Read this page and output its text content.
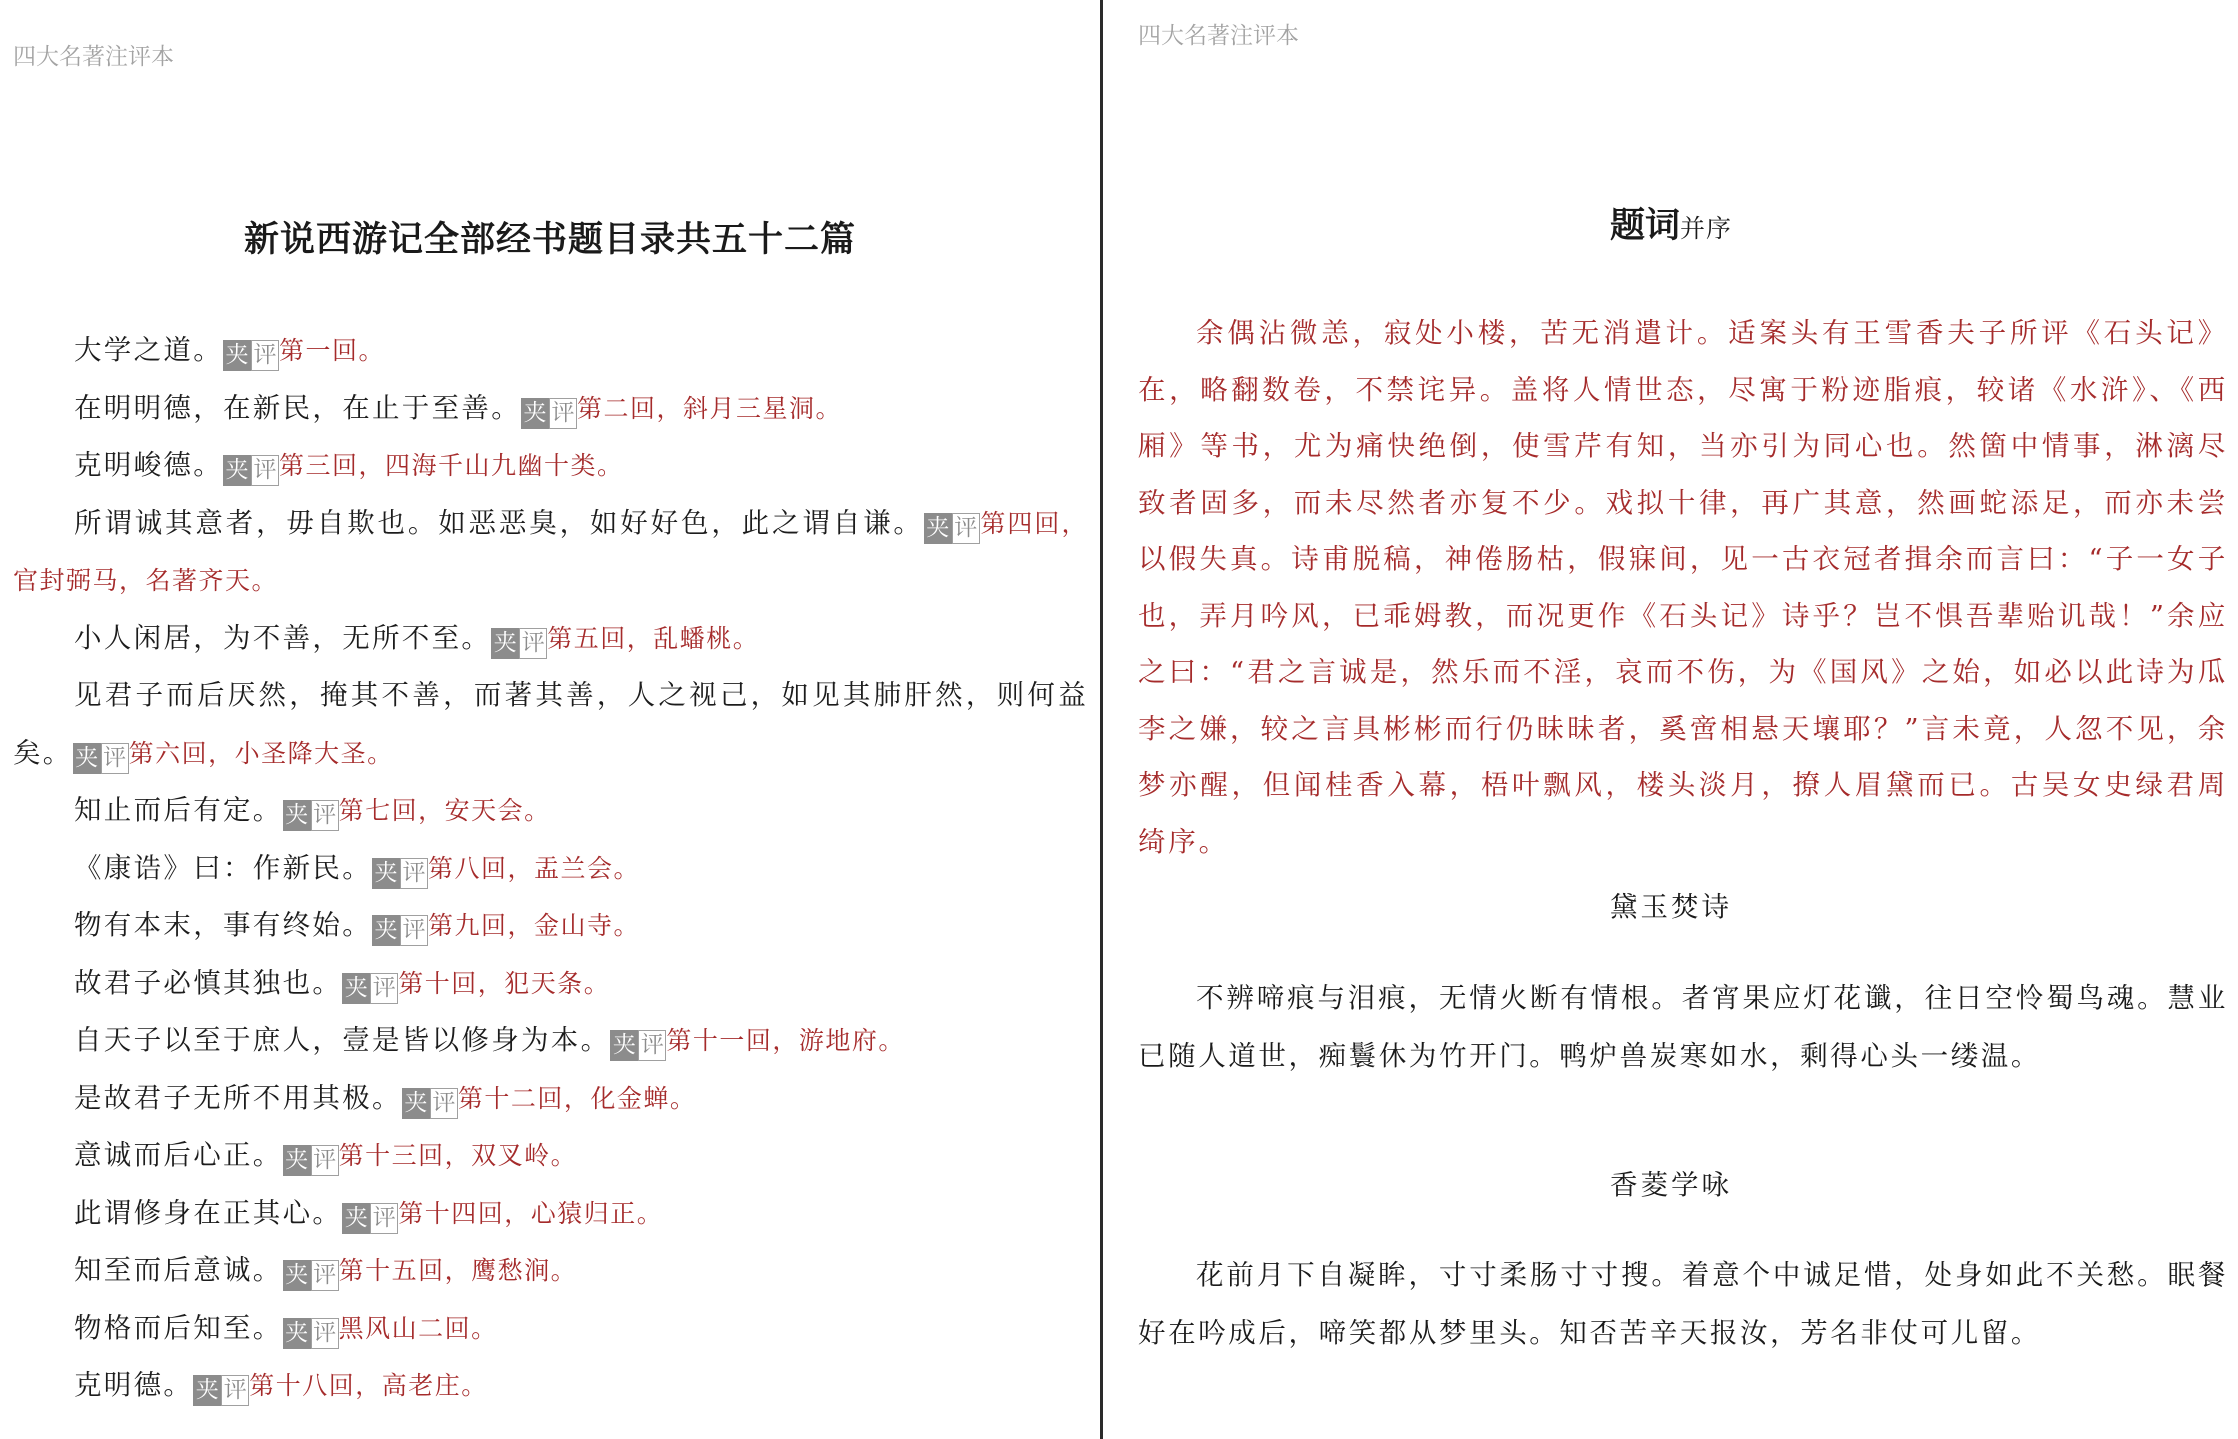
四大名著注评本
新说西游记全部经书题目录共五十二篇

大学之道。 夹 评 第一回。

在明明德，在新民，在止于至善。 夹 评 第二回，斜月三星洞。

克明峻德。 夹 评 第三回，四海千山九幽十类。

所谓诚其意者，毋自欺也。如恶恶臭，如好好色，此之谓自谦。 夹 评 第四回，官封弼马，名著齐天。

小人闲居，为不善，无所不至。 夹 评 第五回，乱蟠桃。

见君子而后厌然，掩其不善，而著其善，人之视己，如见其肺肝然，则何益矣。 夹 评 第六回，小圣降大圣。

知止而后有定。 夹 评 第七回，安天会。

《康诰》曰：作新民。 夹 评 第八回，盂兰会。

物有本末，事有终始。 夹 评 第九回，金山寺。

故君子必慎其独也。 夹 评 第十回，犯天条。

自天子以至于庶人，壹是皆以修身为本。 夹 评 第十一回，游地府。

是故君子无所不用其极。 夹 评 第十二回，化金蝉。

意诚而后心正。 夹 评 第十三回，双叉岭。

此谓修身在正其心。 夹 评 第十四回，心猿归正。

知至而后意诚。 夹 评 第十五回，鹰愁涧。

物格而后知至。 夹 评 黑风山二回。

克明德。 夹 评 第十八回，高老庄。

四大名著注评本
题词并序

余偶沾微恙，寂处小楼，苦无消遣计。适案头有王雪香夫子所评《石头记》在，略翻数卷，不禁诧异。盖将人情世态，尽寓于粉迹脂痕，较诸《水浒》、《西厢》等书，尤为痛快绝倒，使雪芹有知，当亦引为同心也。然箇中情事，淋漓尽致者固多，而未尽然者亦复不少。戏拟十律，再广其意，然画蛇添足，而亦未尝以假失真。诗甫脱稿，神倦肠枯，假寐间，见一古衣冠者揖余而言曰：“子一女子也，弄月吟风，已乖姆教，而况更作《石头记》诗乎？岂不惧吾辈贻讥哉！”余应之曰：“君之言诚是，然乐而不淫，哀而不伤，为《国风》之始，如必以此诗为瓜李之嫌，较之言具彬彬而行仍昧昧者，奚啻相悬天壤耶？”言未竟，人忽不见，余梦亦醒，但闻桂香入幕，梧叶飘风，楼头淡月，撩人眉黛而已。古吴女史绿君周绮序。

黛玉焚诗

不辨啼痕与泪痕，无情火断有情根。者宵果应灯花谶，往日空怜蜀鸟魂。慧业已随人道世，痴鬟休为竹开门。鸭炉兽炭寒如水，剩得心头一缕温。

香菱学咏

花前月下自凝眸，寸寸柔肠寸寸搜。着意个中诚足惜，处身如此不关愁。眠餐好在吟成后，啼笑都从梦里头。知否苦辛天报汝，芳名非仗可儿留。
